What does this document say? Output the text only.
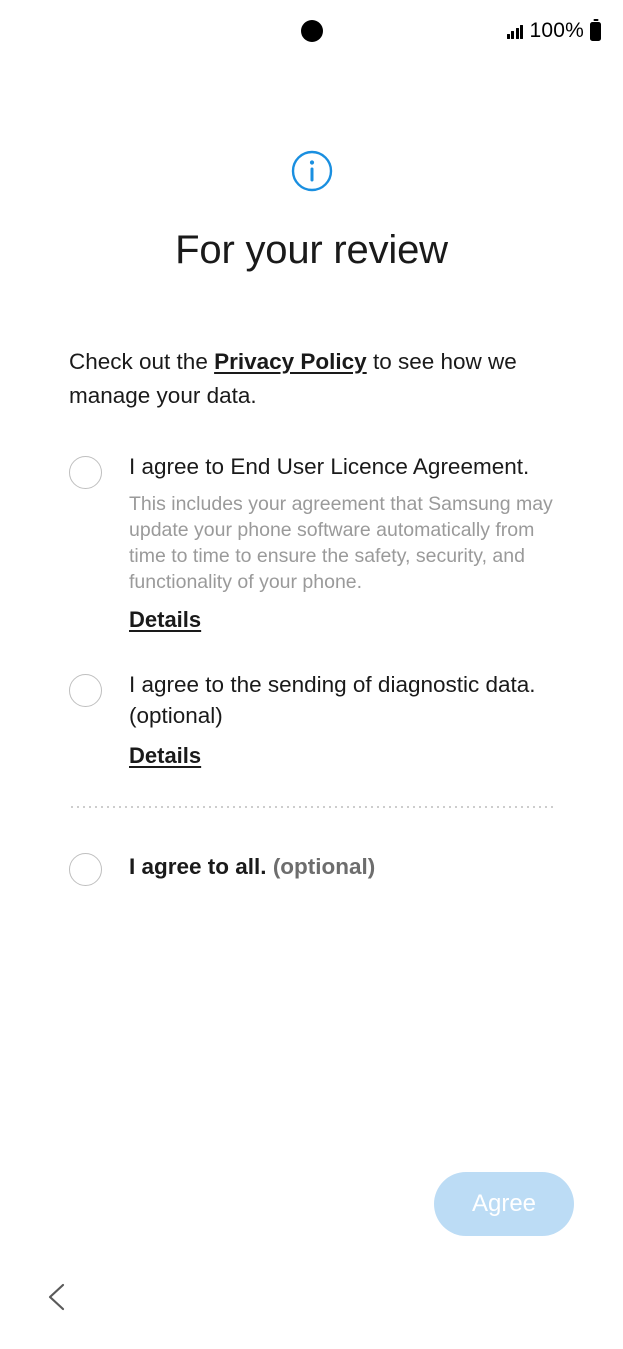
100%
For your review

Check out the Privacy Policy to see how we manage your data.

I agree to End User Licence Agreement.
This includes your agreement that Samsung may update your phone software automatically from time to time to ensure the safety, security, and functionality of your phone.
Details
I agree to the sending of diagnostic data. (optional)
Details
I agree to all. (optional)
Agree
